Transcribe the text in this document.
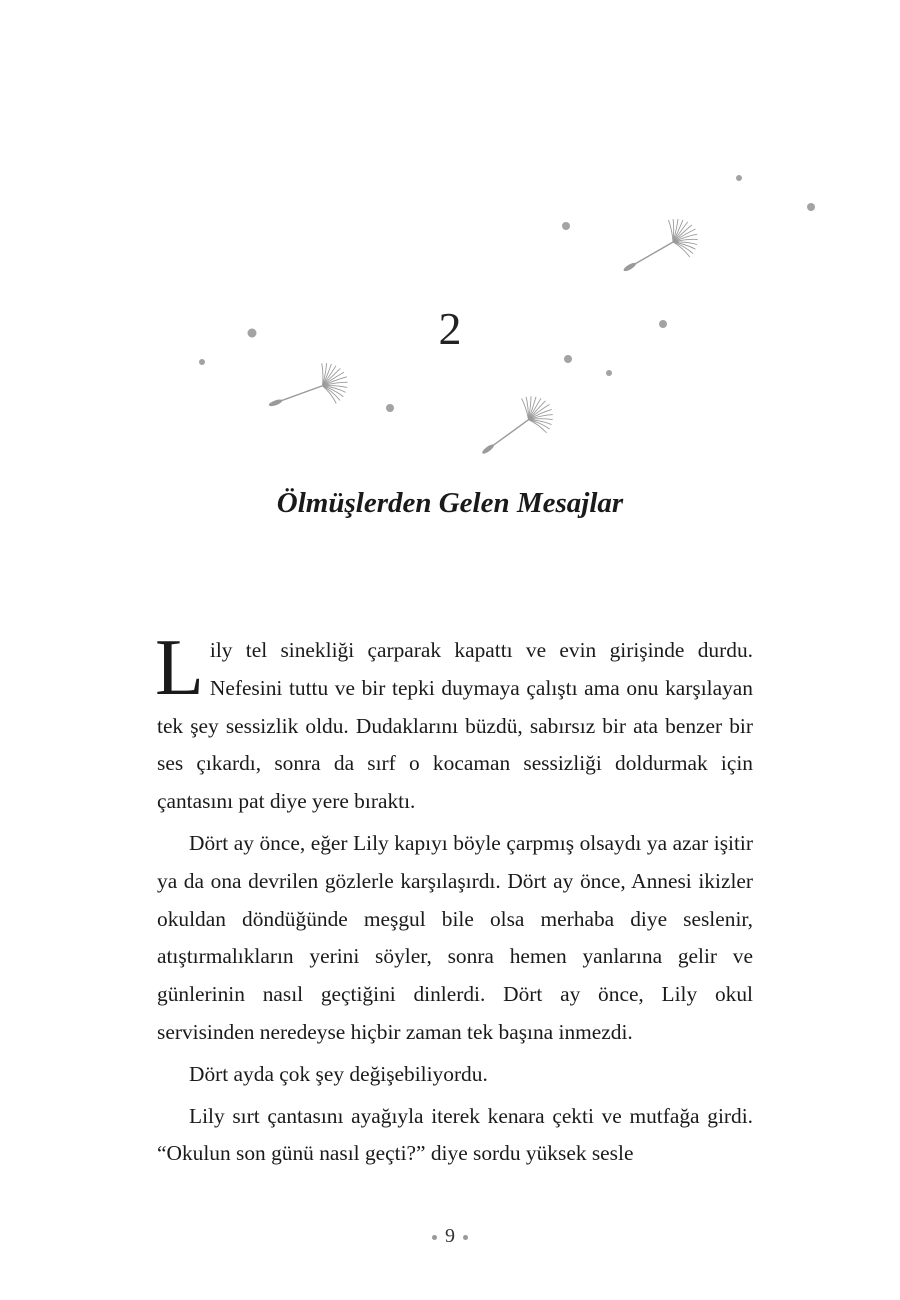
2
Ölmüşlerden Gelen Mesajlar

L ily tel sinekliği çarparak kapattı ve evin girişinde durdu. Nefesini tuttu ve bir tepki duymaya çalıştı ama onu karşılayan tek şey sessizlik oldu. Dudaklarını büzdü, sabırsız bir ata benzer bir ses çıkardı, sonra da sırf o kocaman sessizliği doldurmak için çantasını pat diye yere bıraktı.

Dört ay önce, eğer Lily kapıyı böyle çarpmış olsaydı ya azar işitir ya da ona devrilen gözlerle karşılaşırdı. Dört ay önce, Annesi ikizler okuldan döndüğünde meşgul bile olsa merhaba diye seslenir, atıştırmalıkların yerini söyler, sonra hemen yanlarına gelir ve günlerinin nasıl geçtiğini dinlerdi. Dört ay önce, Lily okul servisinden neredeyse hiçbir zaman tek başına inmezdi.

Dört ayda çok şey değişebiliyordu.

Lily sırt çantasını ayağıyla iterek kenara çekti ve mutfağa girdi. “Okulun son günü nasıl geçti?” diye sordu yüksek sesle

9
